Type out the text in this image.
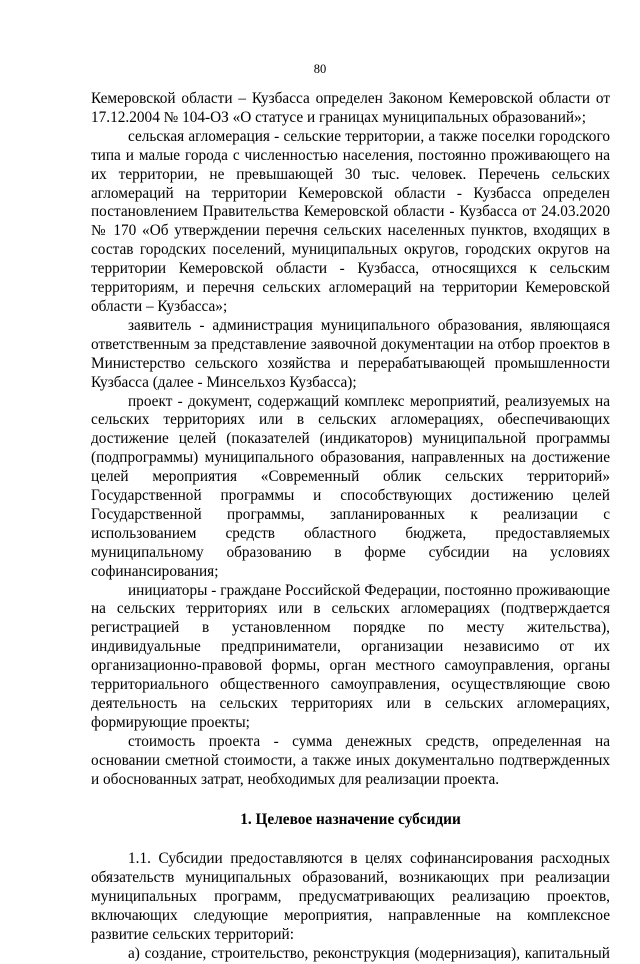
80

Кемеровской области – Кузбасса определен Законом Кемеровской области от 17.12.2004 № 104-ОЗ «О статусе и границах муниципальных образований»;

сельская агломерация - сельские территории, а также поселки городского типа и малые города с численностью населения, постоянно проживающего на их территории, не превышающей 30 тыс. человек. Перечень сельских агломераций на территории Кемеровской области - Кузбасса определен постановлением Правительства Кемеровской области - Кузбасса от 24.03.2020 № 170 «Об утверждении перечня сельских населенных пунктов, входящих в состав городских поселений, муниципальных округов, городских округов на территории Кемеровской области - Кузбасса, относящихся к сельским территориям, и перечня сельских агломераций на территории Кемеровской области – Кузбасса»;

заявитель - администрация муниципального образования, являющаяся ответственным за представление заявочной документации на отбор проектов в Министерство сельского хозяйства и перерабатывающей промышленности Кузбасса (далее - Минсельхоз Кузбасса);

проект - документ, содержащий комплекс мероприятий, реализуемых на сельских территориях или в сельских агломерациях, обеспечивающих достижение целей (показателей (индикаторов) муниципальной программы (подпрограммы) муниципального образования, направленных на достижение целей мероприятия «Современный облик сельских территорий» Государственной программы и способствующих достижению целей Государственной программы, запланированных к реализации с использованием средств областного бюджета, предоставляемых муниципальному образованию в форме субсидии на условиях софинансирования;

инициаторы - граждане Российской Федерации, постоянно проживающие на сельских территориях или в сельских агломерациях (подтверждается регистрацией в установленном порядке по месту жительства), индивидуальные предприниматели, организации независимо от их организационно-правовой формы, орган местного самоуправления, органы территориального общественного самоуправления, осуществляющие свою деятельность на сельских территориях или в сельских агломерациях, формирующие проекты;

стоимость проекта - сумма денежных средств, определенная на основании сметной стоимости, а также иных документально подтвержденных и обоснованных затрат, необходимых для реализации проекта.

1. Целевое назначение субсидии

1.1. Субсидии предоставляются в целях софинансирования расходных обязательств муниципальных образований, возникающих при реализации муниципальных программ, предусматривающих реализацию проектов, включающих следующие мероприятия, направленные на комплексное развитие сельских территорий:

а) создание, строительство, реконструкция (модернизация), капитальный
